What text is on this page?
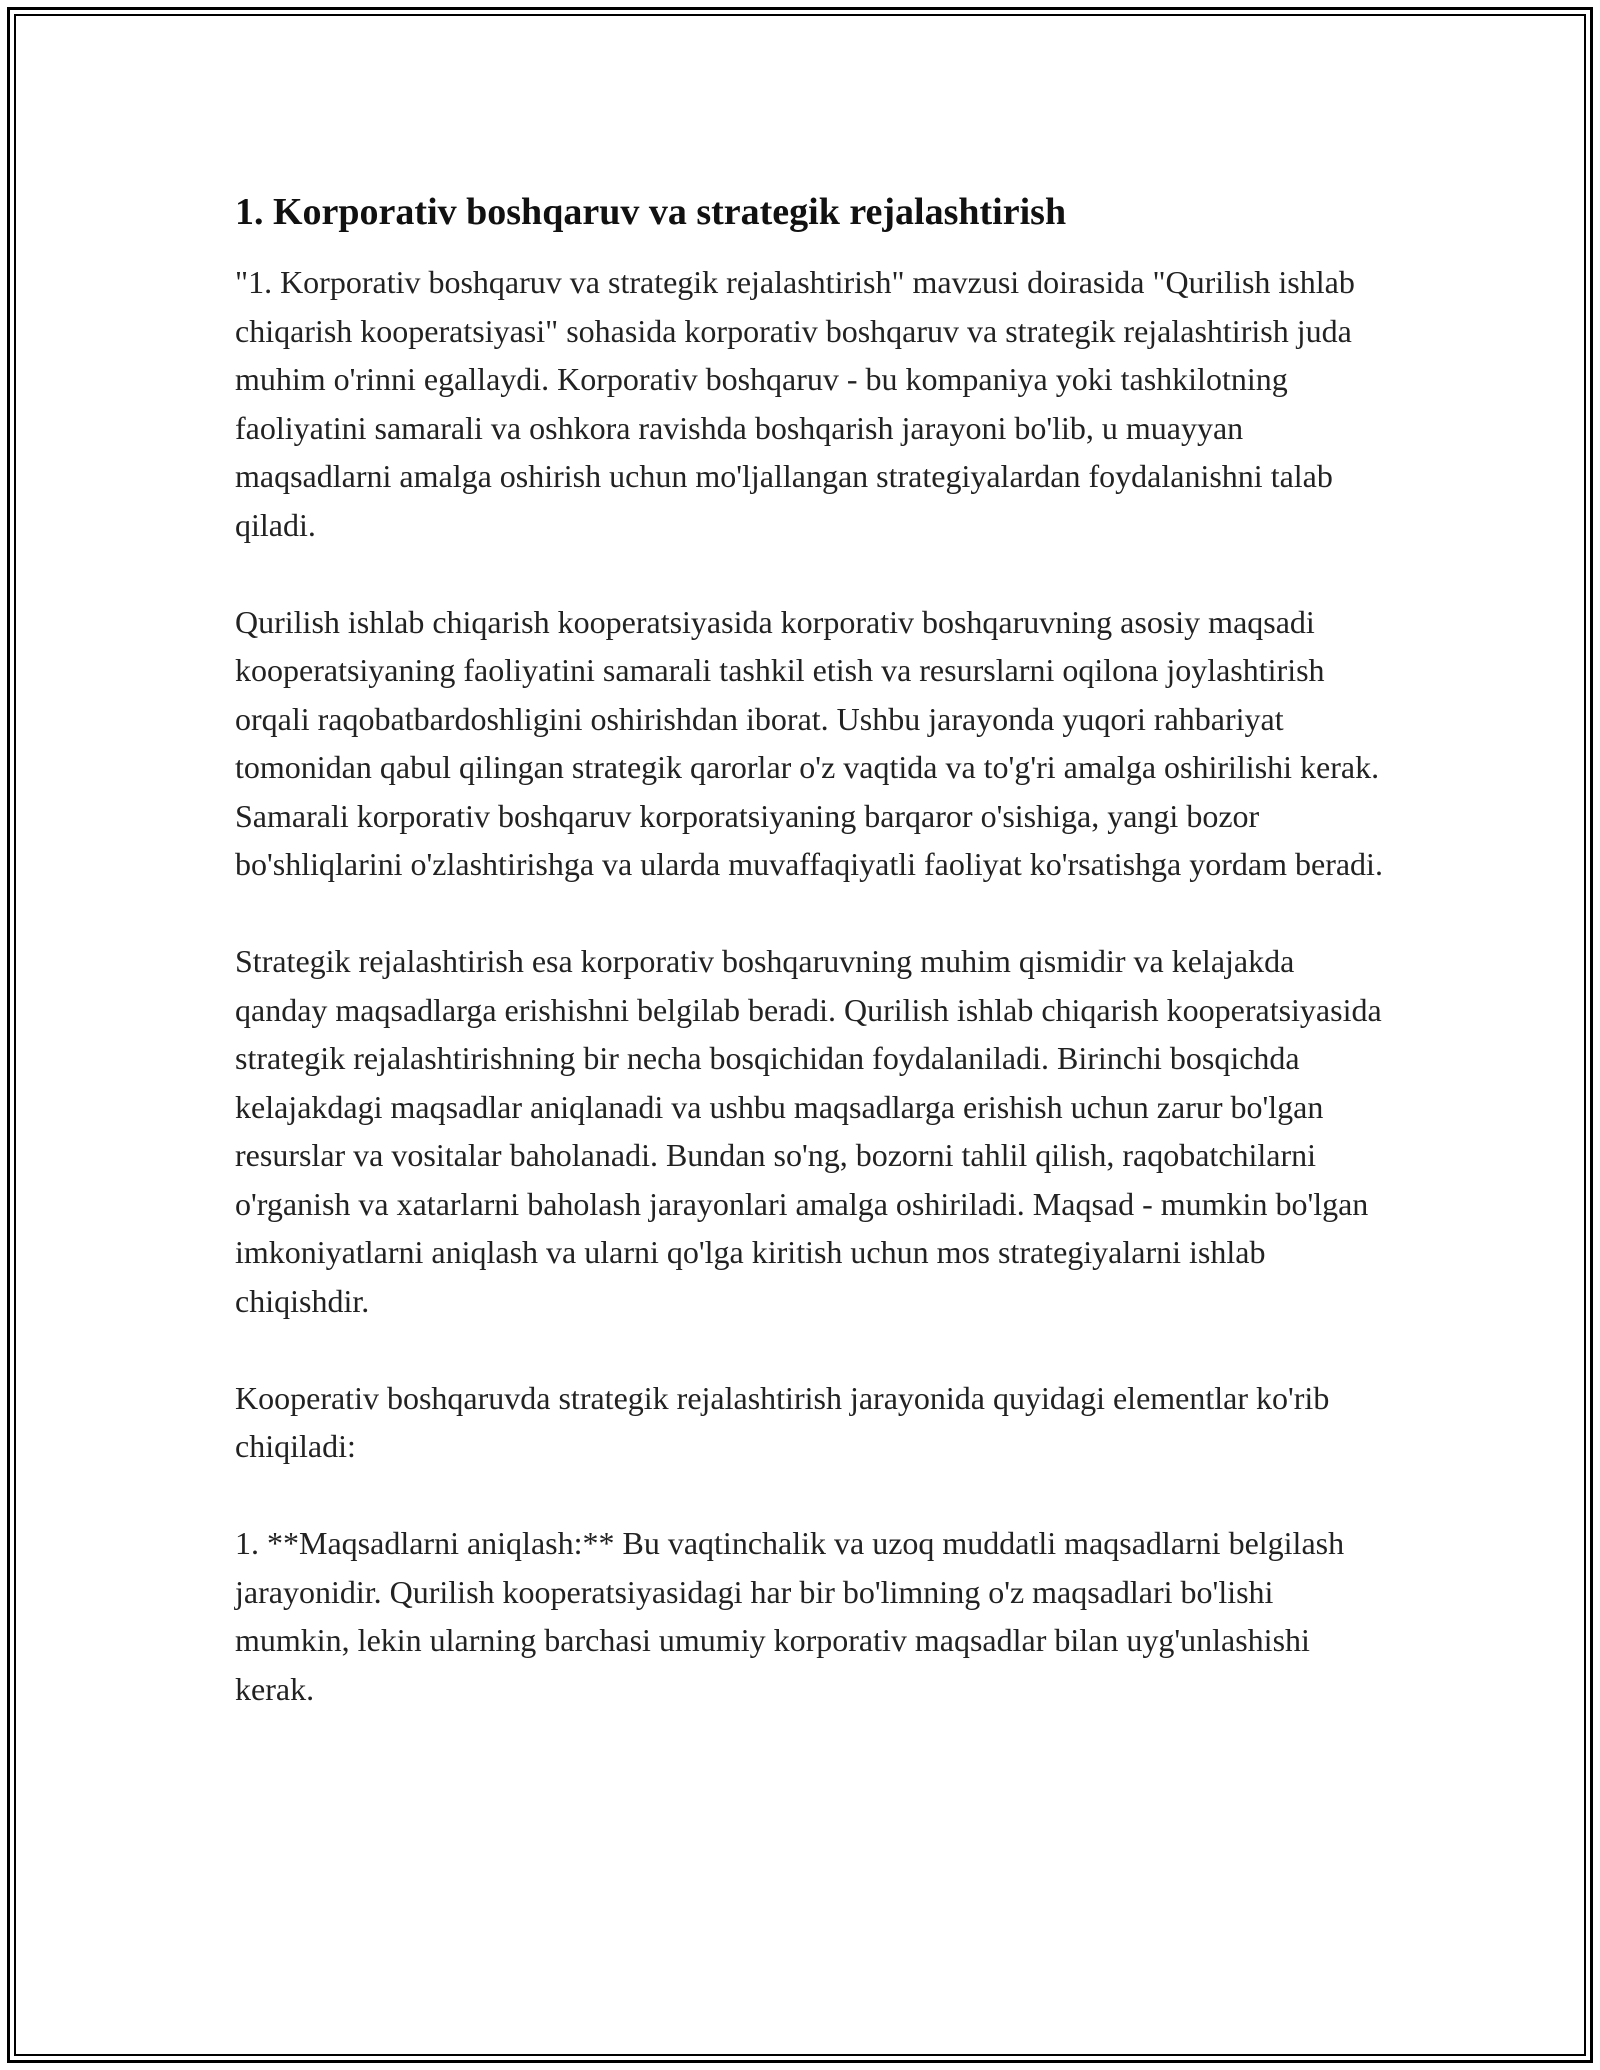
1. Korporativ boshqaruv va strategik rejalashtirish

"1. Korporativ boshqaruv va strategik rejalashtirish" mavzusi doirasida "Qurilish ishlab chiqarish kooperatsiyasi" sohasida korporativ boshqaruv va strategik rejalashtirish juda muhim o'rinni egallaydi. Korporativ boshqaruv - bu kompaniya yoki tashkilotning faoliyatini samarali va oshkora ravishda boshqarish jarayoni bo'lib, u muayyan maqsadlarni amalga oshirish uchun mo'ljallangan strategiyalardan foydalanishni talab qiladi.

Qurilish ishlab chiqarish kooperatsiyasida korporativ boshqaruvning asosiy maqsadi kooperatsiyaning faoliyatini samarali tashkil etish va resurslarni oqilona joylashtirish orqali raqobatbardoshligini oshirishdan iborat. Ushbu jarayonda yuqori rahbariyat tomonidan qabul qilingan strategik qarorlar o'z vaqtida va to'g'ri amalga oshirilishi kerak. Samarali korporativ boshqaruv korporatsiyaning barqaror o'sishiga, yangi bozor bo'shliqlarini o'zlashtirishga va ularda muvaffaqiyatli faoliyat ko'rsatishga yordam beradi.

Strategik rejalashtirish esa korporativ boshqaruvning muhim qismidir va kelajakda qanday maqsadlarga erishishni belgilab beradi. Qurilish ishlab chiqarish kooperatsiyasida strategik rejalashtirishning bir necha bosqichidan foydalaniladi. Birinchi bosqichda kelajakdagi maqsadlar aniqlanadi va ushbu maqsadlarga erishish uchun zarur bo'lgan resurslar va vositalar baholanadi. Bundan so'ng, bozorni tahlil qilish, raqobatchilarni o'rganish va xatarlarni baholash jarayonlari amalga oshiriladi. Maqsad - mumkin bo'lgan imkoniyatlarni aniqlash va ularni qo'lga kiritish uchun mos strategiyalarni ishlab chiqishdir.

Kooperativ boshqaruvda strategik rejalashtirish jarayonida quyidagi elementlar ko'rib chiqiladi:

1. **Maqsadlarni aniqlash:** Bu vaqtinchalik va uzoq muddatli maqsadlarni belgilash jarayonidir. Qurilish kooperatsiyasidagi har bir bo'limning o'z maqsadlari bo'lishi mumkin, lekin ularning barchasi umumiy korporativ maqsadlar bilan uyg'unlashishi kerak.
